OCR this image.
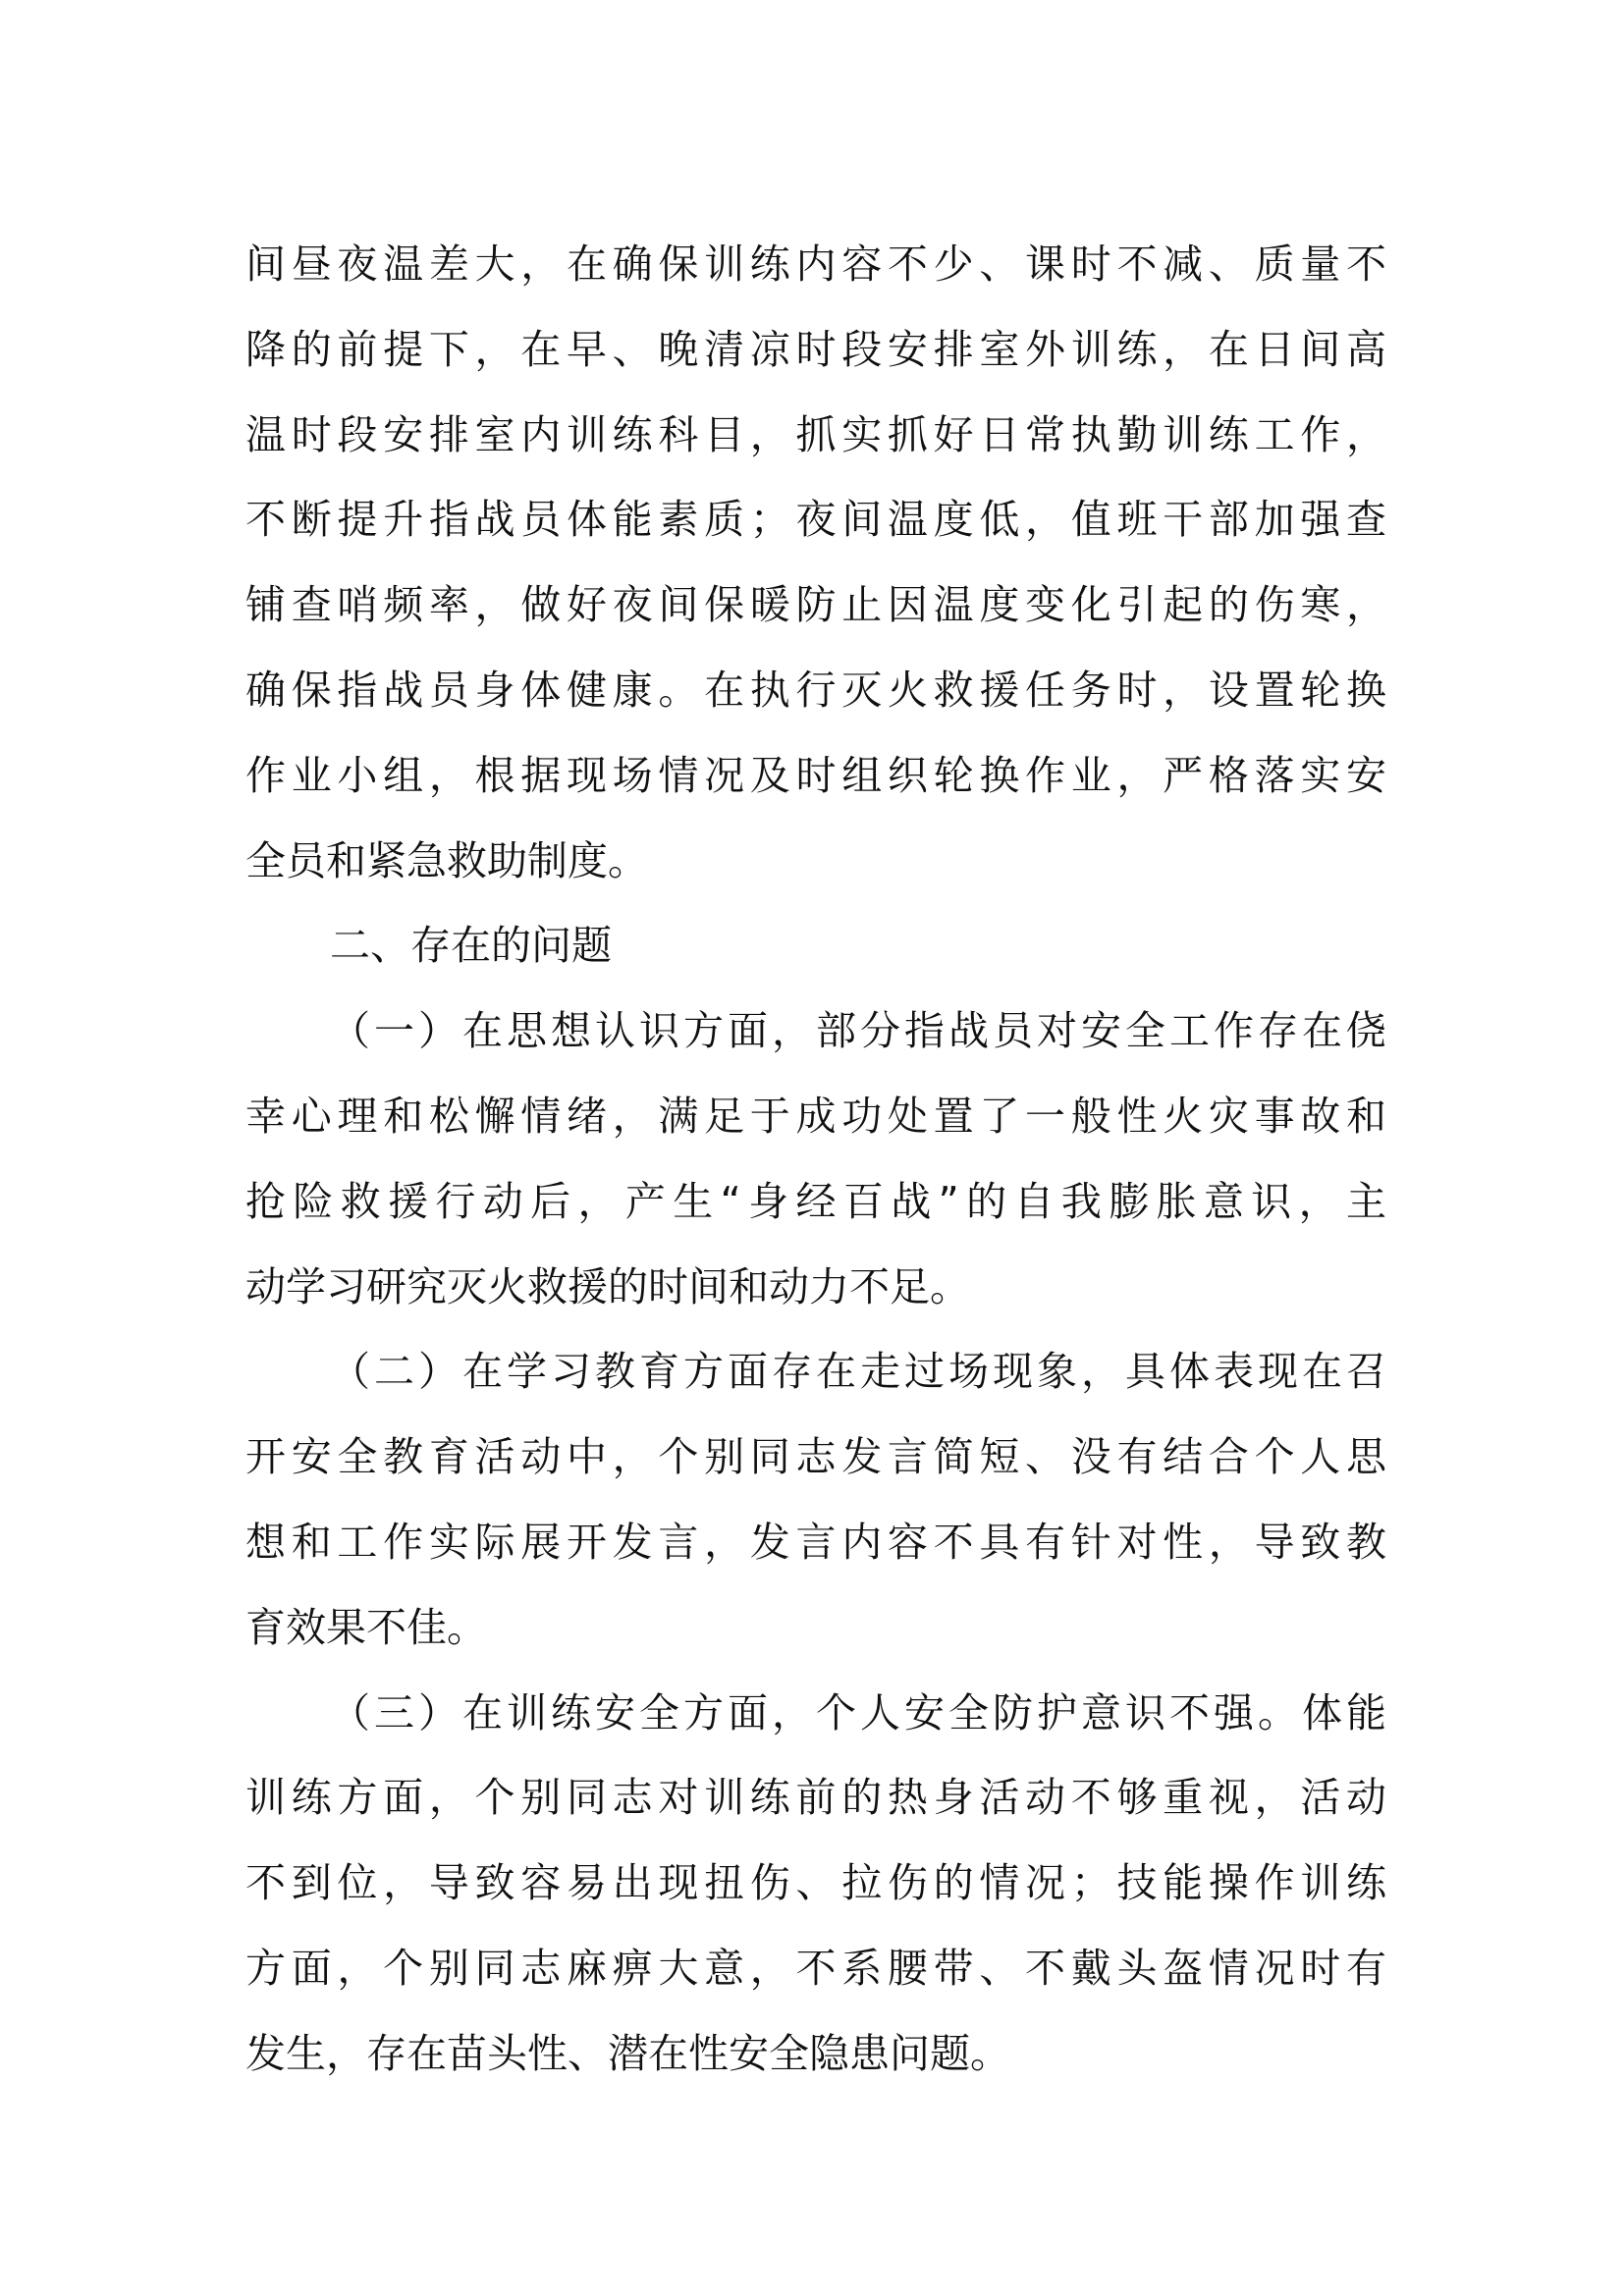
间昼夜温差大，在确保训练内容不少、课时不减、质量不
降的前提下，在早、晚清凉时段安排室外训练，在日间高
温时段安排室内训练科目，抓实抓好日常执勤训练工作，
不断提升指战员体能素质；夜间温度低，值班干部加强查
铺查哨频率，做好夜间保暖防止因温度变化引起的伤寒，
确保指战员身体健康。在执行灭火救援任务时，设置轮换
作业小组，根据现场情况及时组织轮换作业，严格落实安
全员和紧急救助制度。
二、存在的问题
（一）在思想认识方面，部分指战员对安全工作存在侥
幸心理和松懈情绪，满足于成功处置了一般性火灾事故和
抢险救援行动后，产生“身经百战”的自我膨胀意识，主
动学习研究灭火救援的时间和动力不足。
（二）在学习教育方面存在走过场现象，具体表现在召
开安全教育活动中，个别同志发言简短、没有结合个人思
想和工作实际展开发言，发言内容不具有针对性，导致教
育效果不佳。
（三）在训练安全方面，个人安全防护意识不强。体能
训练方面，个别同志对训练前的热身活动不够重视，活动
不到位，导致容易出现扭伤、拉伤的情况；技能操作训练
方面，个别同志麻痹大意，不系腰带、不戴头盔情况时有
发生，存在苗头性、潜在性安全隐患问题。
